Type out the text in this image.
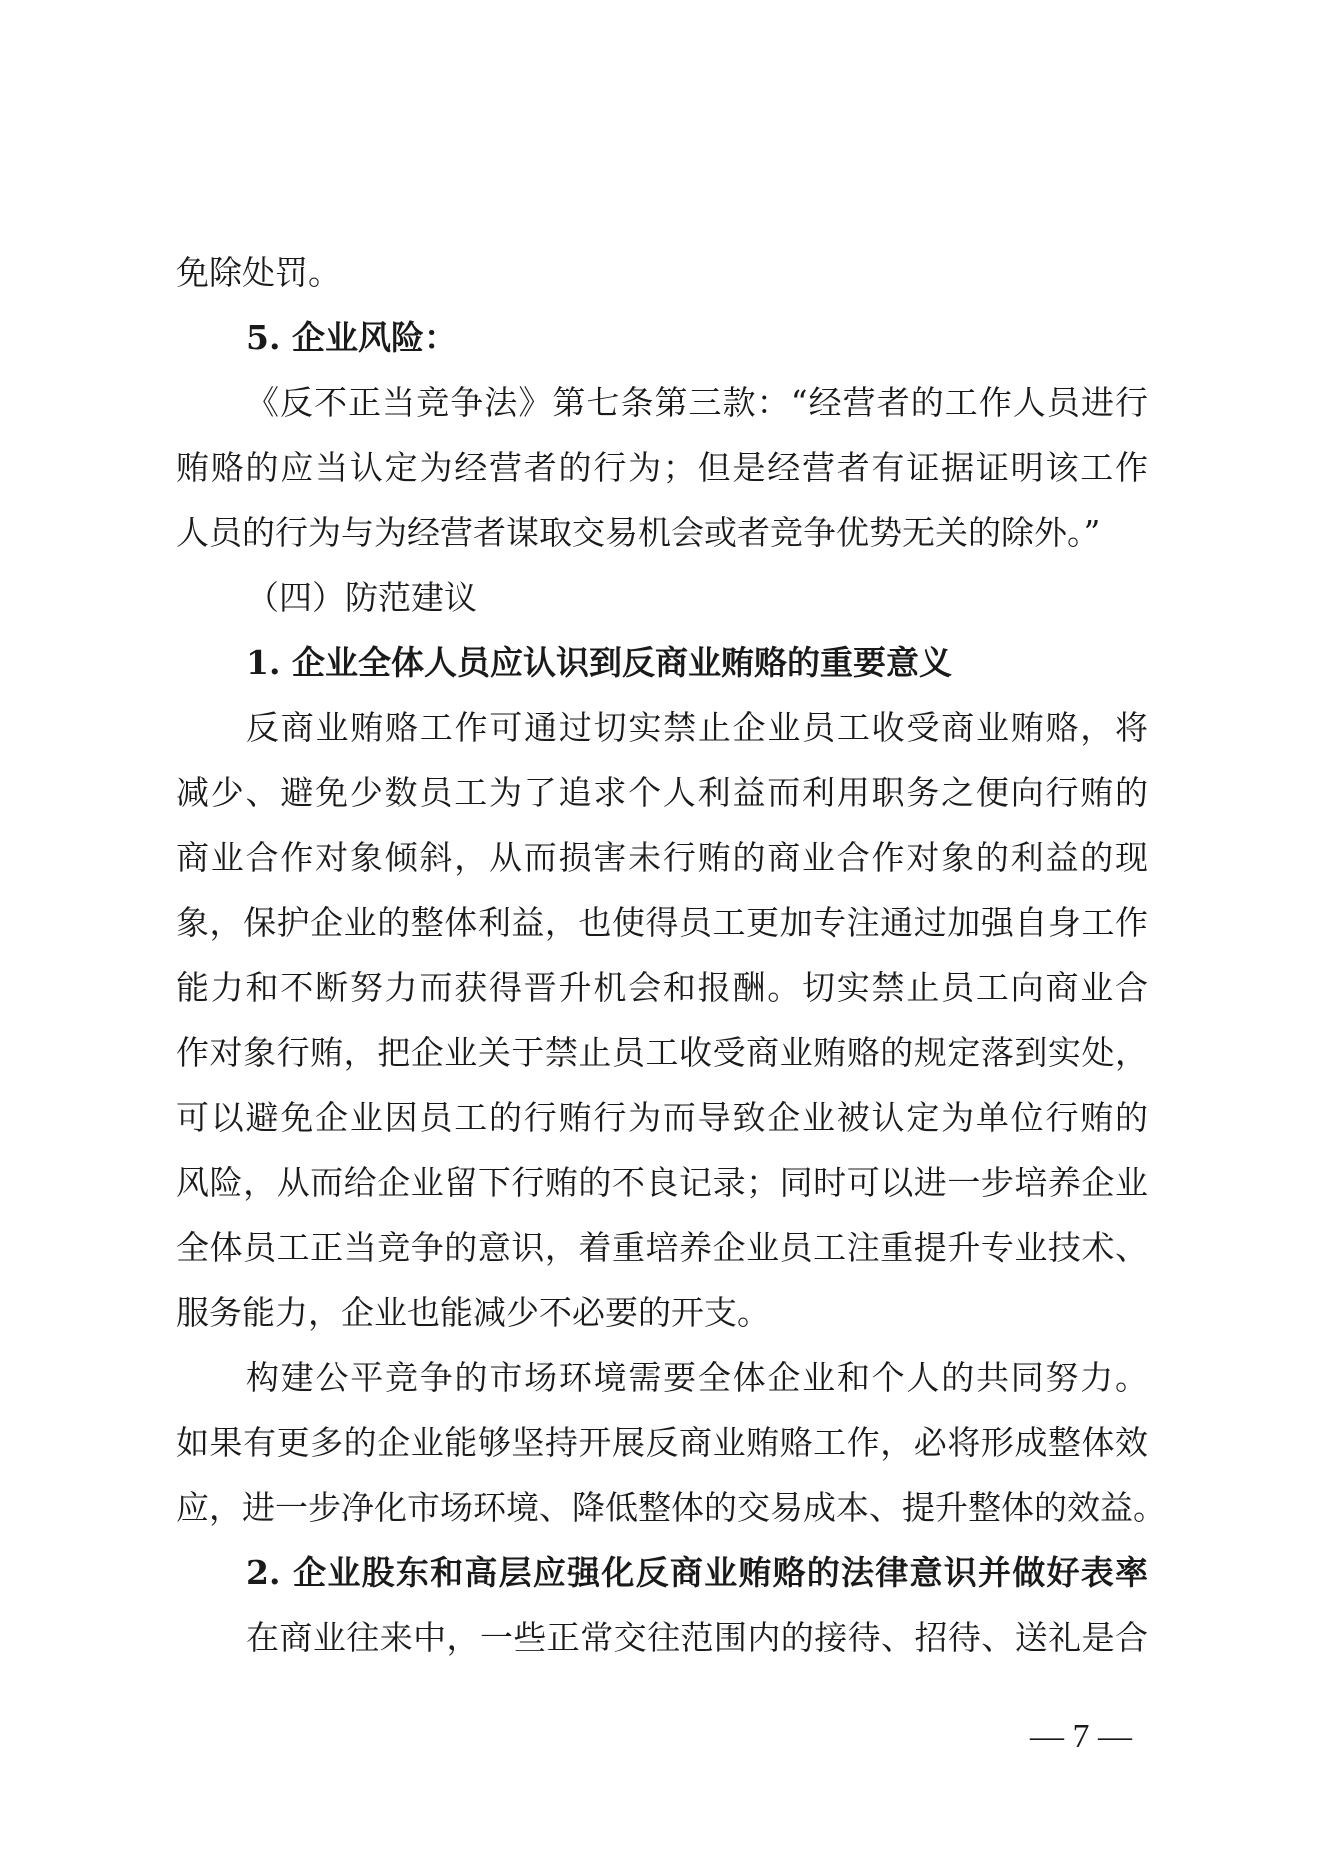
免除处罚。
5. 企业风险：
《反不正当竞争法》第七条第三款：“经营者的工作人员进行
贿赂的应当认定为经营者的行为；但是经营者有证据证明该工作
人员的行为与为经营者谋取交易机会或者竞争优势无关的除外。”
（四）防范建议
1. 企业全体人员应认识到反商业贿赂的重要意义
反商业贿赂工作可通过切实禁止企业员工收受商业贿赂，将
减少、避免少数员工为了追求个人利益而利用职务之便向行贿的
商业合作对象倾斜，从而损害未行贿的商业合作对象的利益的现
象，保护企业的整体利益，也使得员工更加专注通过加强自身工作
能力和不断努力而获得晋升机会和报酬。切实禁止员工向商业合
作对象行贿，把企业关于禁止员工收受商业贿赂的规定落到实处，
可以避免企业因员工的行贿行为而导致企业被认定为单位行贿的
风险，从而给企业留下行贿的不良记录；同时可以进一步培养企业
全体员工正当竞争的意识，着重培养企业员工注重提升专业技术、
服务能力，企业也能减少不必要的开支。
构建公平竞争的市场环境需要全体企业和个人的共同努力。
如果有更多的企业能够坚持开展反商业贿赂工作，必将形成整体效
应，进一步净化市场环境、降低整体的交易成本、提升整体的效益。
2. 企业股东和高层应强化反商业贿赂的法律意识并做好表率
在商业往来中，一些正常交往范围内的接待、招待、送礼是合
— 7 —
